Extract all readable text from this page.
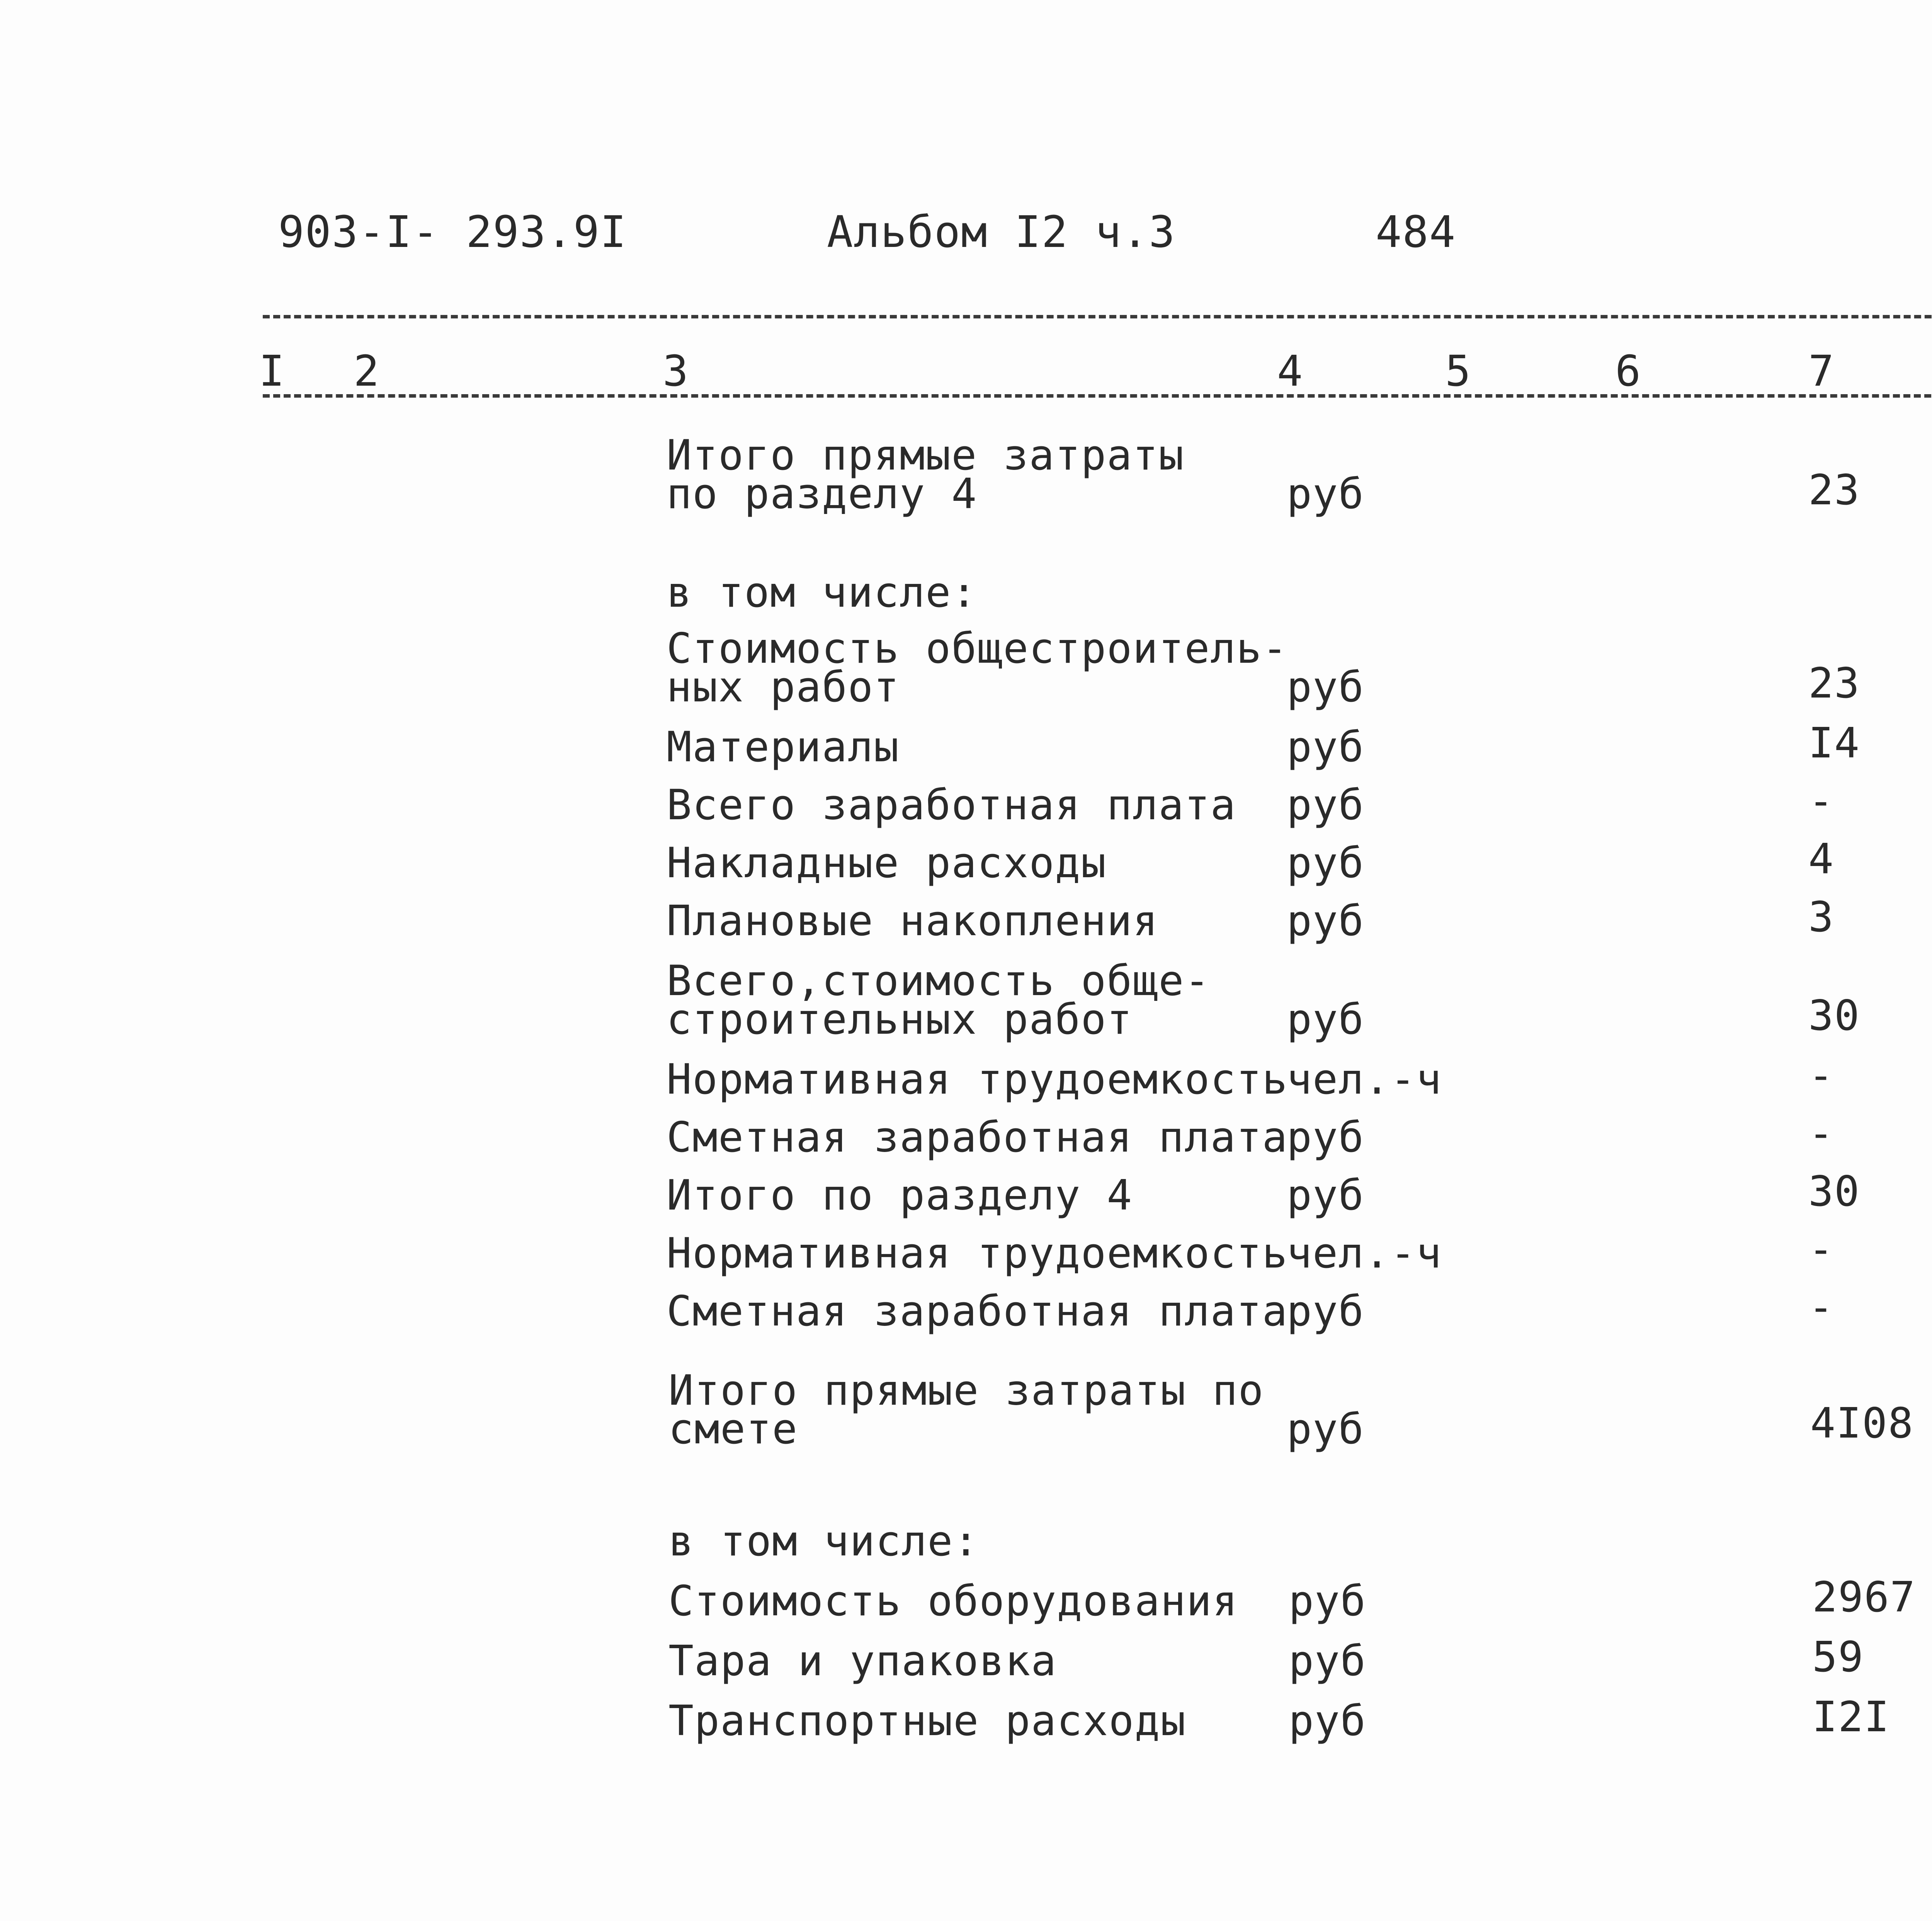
903-I- 293.9I	Альбом I2 ч.3	484
I 2	3	4	5	6	7
Итого прямые затраты
по разделу 4	руб	23
в том числе:
Стоимость общестроитель-
ных работ	руб	23
Материалы	руб	I4
Всего заработная плата руб	-
Накладные расходы	руб	4
Плановые накопления	руб	3
Всего,стоимость обще-
строительных работ	руб	30
Нормативная трудоемкость
чел.-ч	-
Сметная заработная плата
руб	-
Итого по разделу 4	руб	30
Нормативная трудоемкость
чел.-ч	-
Сметная заработная плата
руб	-
Итого прямые затраты по
смете	руб	4I08
в том числе:
Стоимость оборудования руб	2967
Тара и упаковка	руб	59
Транспортные расходы руб	I2I
